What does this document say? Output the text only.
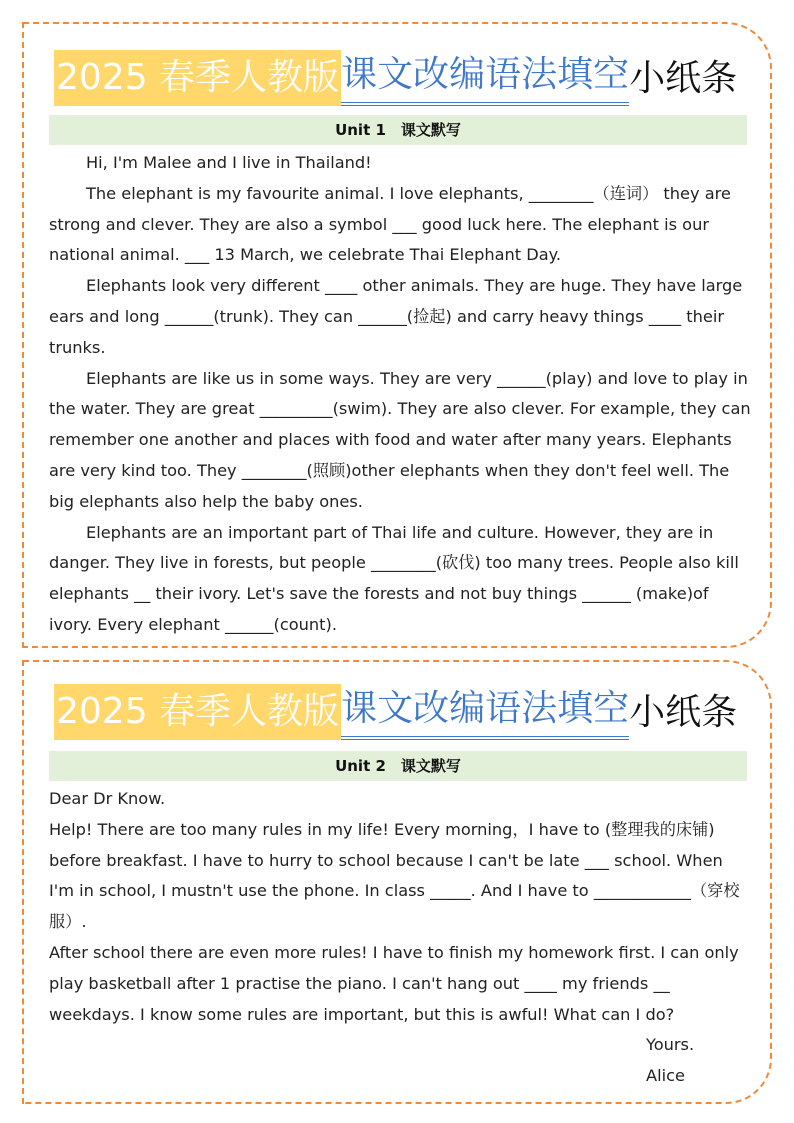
2025 春季人教版 课文改编语法填空 小纸条
Unit 1　课文默写

Hi, I'm Malee and I live in Thailand!

The elephant is my favourite animal. I love elephants, ________（连词） they are strong and clever. They are also a symbol ___ good luck here. The elephant is our national animal. ___ 13 March, we celebrate Thai Elephant Day.

Elephants look very different ____ other animals. They are huge. They have large ears and long ______(trunk). They can ______(捡起) and carry heavy things ____ their trunks.

Elephants are like us in some ways. They are very ______(play) and love to play in the water. They are great _________(swim). They are also clever. For example, they can remember one another and places with food and water after many years. Elephants are very kind too. They ________(照顾)other elephants when they don't feel well. The big elephants also help the baby ones.

Elephants are an important part of Thai life and culture. However, they are in danger. They live in forests, but people ________(砍伐) too many trees. People also kill elephants __ their ivory. Let's save the forests and not buy things ______ (make)of ivory. Every elephant ______(count).

2025 春季人教版 课文改编语法填空 小纸条
Unit 2　课文默写

Dear Dr Know.

Help! There are too many rules in my life! Every morning，I have to (整理我的床铺) before breakfast. I have to hurry to school because I can't be late ___ school. When I'm in school, I mustn't use the phone. In class _____. And I have to ____________（穿校服）.

After school there are even more rules! I have to finish my homework first. I can only play basketball after 1 practise the piano. I can't hang out ____ my friends __ weekdays. I know some rules are important, but this is awful! What can I do?

Yours.

Alice
